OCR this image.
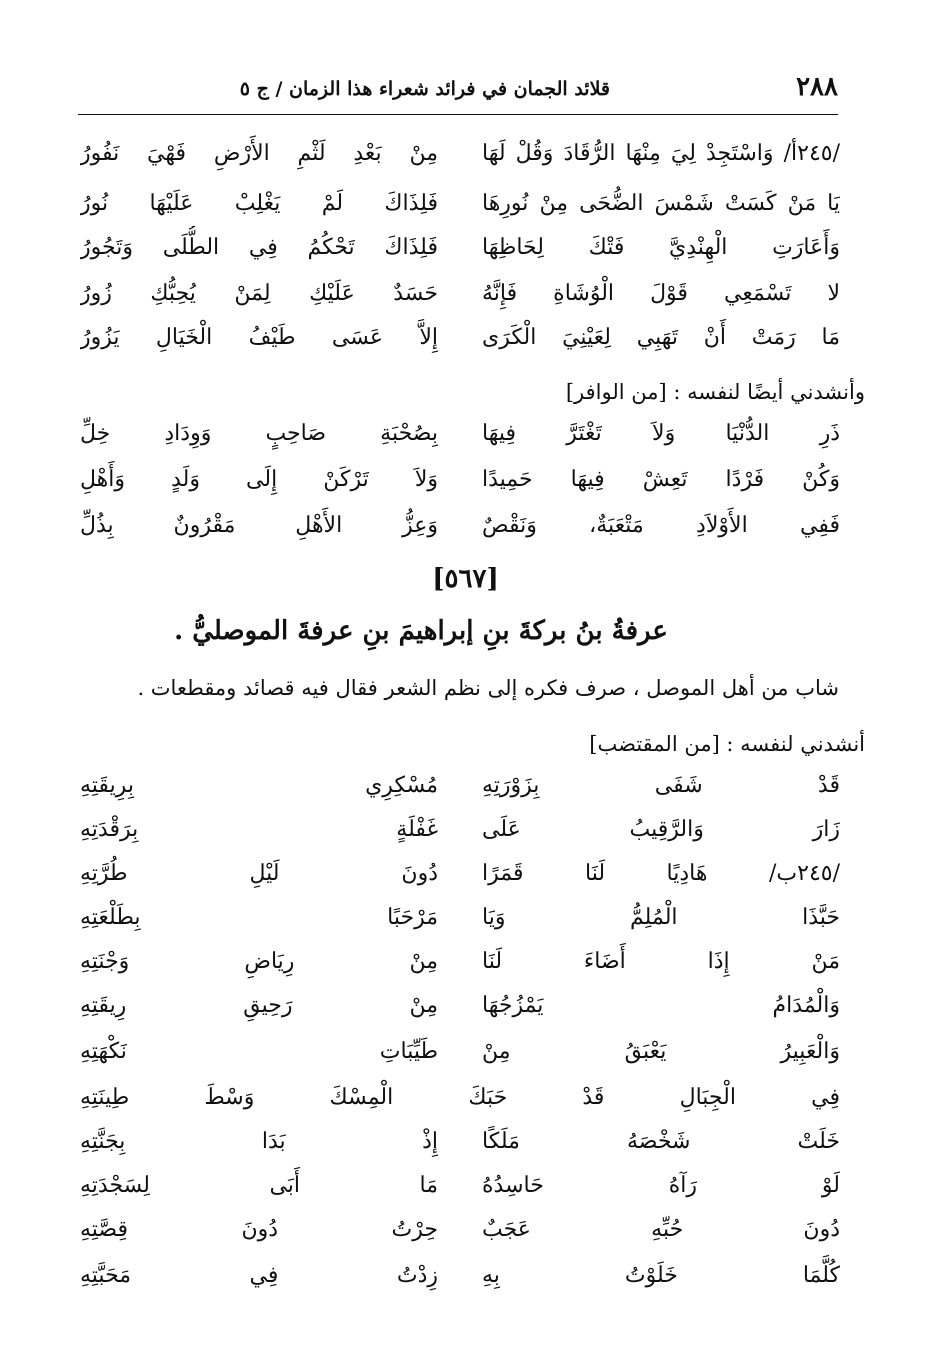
٢٨٨
قلائد الجمان في فرائد شعراء هذا الزمان / ج ٥
/٢٤٥أ/ وَاسْتَجِدْ لِيَ مِنْهَا الرُّقَادَ وَقُلْ لَهَا
مِنْ بَعْدِ لَثْمِ الأَرْضِ فَهْيَ نَفُورُ
يَا مَنْ كَسَتْ شَمْسَ الضُّحَى مِنْ نُورِهَا
فَلِذَاكَ لَمْ يَغْلِبْ عَلَيْهَا نُورُ
وَأَعَارَتِ الْهِنْدِيَّ فَتْكَ لِحَاظِهَا
فَلِذَاكَ تَحْكُمُ فِي الطُّلَى وَتَجُورُ
لا تَسْمَعِي قَوْلَ الْوُشَاةِ فَإِنَّهُ
حَسَدٌ عَلَيْكِ لِمَنْ يُحِبُّكِ زُورُ
مَا رَمَتْ أَنْ تَهَبِي لِعَيْنِيَ الْكَرَى
إِلاَّ عَسَى طَيْفُ الْخَيَالِ يَزُورُ
وأنشدني أيضًا لنفسه : [من الوافر]
ذَرِ الدُّنْيَا وَلاَ تَغْتَرَّ فِيهَا
بِصُحْبَةِ صَاحِبٍ وَوِدَادِ خِلِّ
وَكُنْ فَرْدًا تَعِشْ فِيهَا حَمِيدًا
وَلاَ تَرْكَنْ إِلَى وَلَدٍ وَأَهْلِ
فَفِي الأَوْلاَدِ مَتْعَبَةٌ، وَنَقْصٌ
وَعِزُّ الأَهْلِ مَقْرُونٌ بِذُلِّ
[٥٦٧]
عرفةُ بنُ بركةَ بنِ إبراهيمَ بنِ عرفةَ الموصليُّ .
شاب من أهل الموصل ، صرف فكره إلى نظم الشعر فقال فيه قصائد ومقطعات .
أنشدني لنفسه : [من المقتضب]
قَدْ شَفَى بِزَوْرَتِهِ
مُسْكِرِي بِرِيقَتِهِ
زَارَ وَالرَّقِيبُ عَلَى
غَفْلَةٍ بِرَقْدَتِهِ
/٢٤٥ب/ هَادِيًا لَنَا قَمَرًا
دُونَ لَيْلِ طُرَّتِهِ
حَبَّذَا الْمُلِمُّ وَيَا
مَرْحَبًا بِطَلْعَتِهِ
مَنْ إِذَا أَضَاءَ لَنَا
مِنْ رِيَاضِ وَجْنَتِهِ
وَالْمُدَامُ يَمْزُجُهَا
مِنْ رَحِيقِ رِيقَتِهِ
وَالْعَبِيرُ يَعْبَقُ مِنْ
طَيِّبَاتِ نَكْهَتِهِ
فِي الْجِبَالِ قَدْ حَبَكَ الْمِسْكَ وَسْطَ طِينَتِهِ
خَلَتْ شَخْصَهُ مَلَكًا
إِذْ بَدَا بِجَنَّتِهِ
لَوْ رَآهُ حَاسِدُهُ
مَا أَبَى لِسَجْدَتِهِ
دُونَ حُبِّهِ عَجَبٌ
حِرْتُ دُونَ قِصَّتِهِ
كُلَّمَا خَلَوْتُ بِهِ
زِدْتُ فِي مَحَبَّتِهِ
